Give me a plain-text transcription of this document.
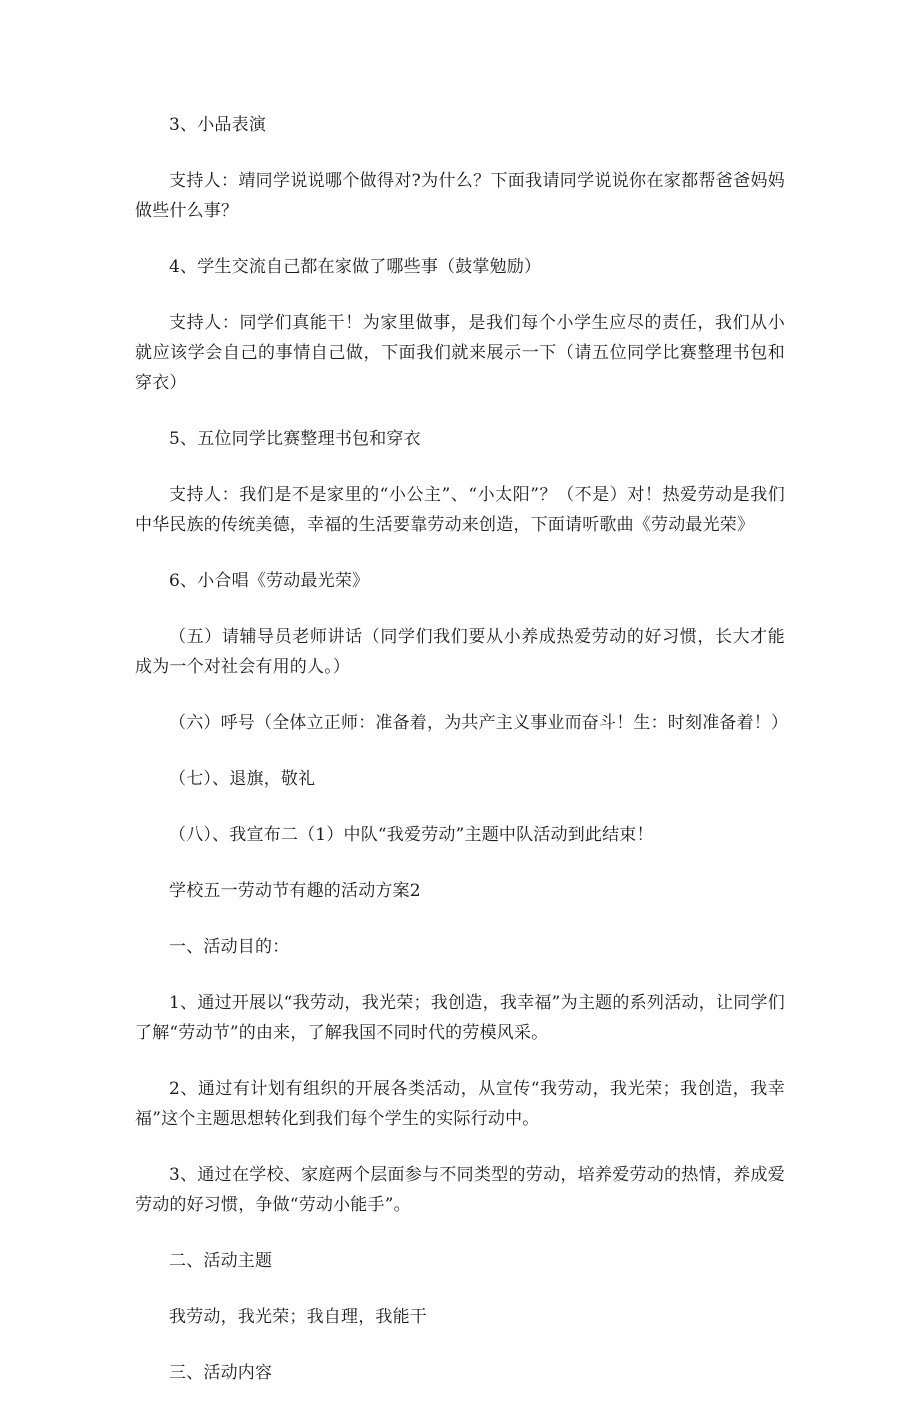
3、小品表演

支持人：靖同学说说哪个做得对?为什么？下面我请同学说说你在家都帮爸爸妈妈做些什么事？

4、学生交流自己都在家做了哪些事（鼓掌勉励）

支持人：同学们真能干！为家里做事，是我们每个小学生应尽的责任，我们从小就应该学会自己的事情自己做，下面我们就来展示一下（请五位同学比赛整理书包和穿衣）

5、五位同学比赛整理书包和穿衣

支持人：我们是不是家里的“小公主”、“小太阳”？（不是）对！热爱劳动是我们中华民族的传统美德，幸福的生活要靠劳动来创造，下面请听歌曲《劳动最光荣》

6、小合唱《劳动最光荣》

（五）请辅导员老师讲话（同学们我们要从小养成热爱劳动的好习惯，长大才能成为一个对社会有用的人。）

（六）呼号（全体立正师：准备着，为共产主义事业而奋斗！生：时刻准备着！）

（七）、退旗，敬礼

（八）、我宣布二（1）中队“我爱劳动”主题中队活动到此结束！

学校五一劳动节有趣的活动方案2

一、活动目的：

1、通过开展以“我劳动，我光荣；我创造，我幸福”为主题的系列活动，让同学们了解“劳动节”的由来，了解我国不同时代的劳模风采。

2、通过有计划有组织的开展各类活动，从宣传“我劳动，我光荣；我创造，我幸福”这个主题思想转化到我们每个学生的实际行动中。

3、通过在学校、家庭两个层面参与不同类型的劳动，培养爱劳动的热情，养成爱劳动的好习惯，争做“劳动小能手”。

二、活动主题

我劳动，我光荣；我自理，我能干

三、活动内容
